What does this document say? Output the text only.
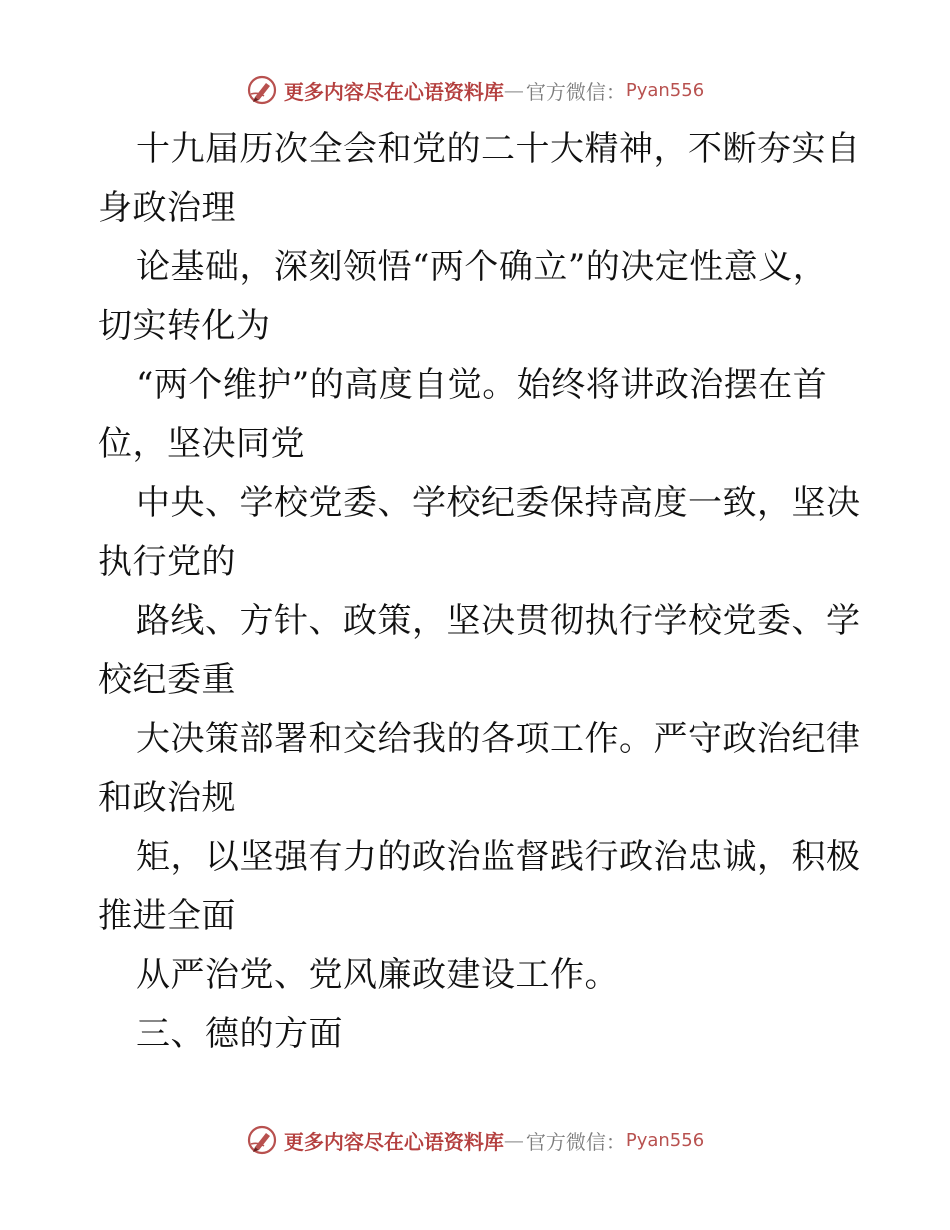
更多内容尽在心语资料库 — 官方微信： Pyan556

十九届历次全会和党的二十大精神，不断夯实自

身政治理

论基础，深刻领悟“两个确立”的决定性意义，

切实转化为

“两个维护”的高度自觉。始终将讲政治摆在首

位，坚决同党

中央、学校党委、学校纪委保持高度一致，坚决

执行党的

路线、方针、政策，坚决贯彻执行学校党委、学

校纪委重

大决策部署和交给我的各项工作。严守政治纪律

和政治规

矩，以坚强有力的政治监督践行政治忠诚，积极

推进全面

从严治党、党风廉政建设工作。

三、德的方面

更多内容尽在心语资料库 — 官方微信： Pyan556
